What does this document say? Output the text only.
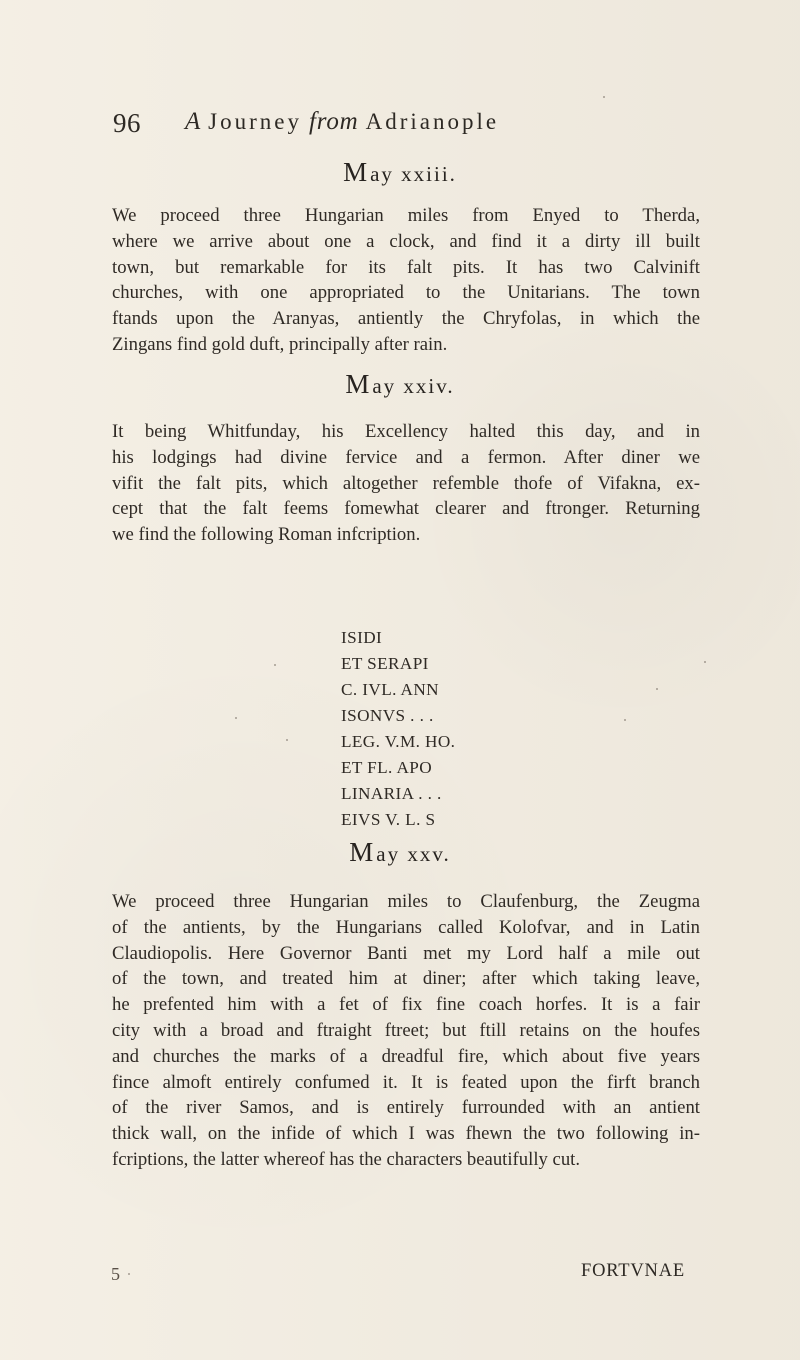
96 A Journey from Adrianople
May xxiii.
We proceed three Hungarian miles from Enyed to Therda,
where we arrive about one a clock, and find it a dirty ill built
town, but remarkable for its falt pits. It has two Calvinift
churches, with one appropriated to the Unitarians. The town
ftands upon the Aranyas, antiently the Chryfolas, in which the
Zingans find gold duft, principally after rain.
May xxiv.
It being Whitfunday, his Excellency halted this day, and in
his lodgings had divine fervice and a fermon. After diner we
vifit the falt pits, which altogether refemble thofe of Vifakna, ex-
cept that the falt feems fomewhat clearer and ftronger. Returning
we find the following Roman infcription.
ISIDI
ET SERAPI
C. IVL. ANN
ISONVS . . .
LEG. V.M. HO.
ET FL. APO
LINARIA . . .
EIVS V. L. S
May xxv.
We proceed three Hungarian miles to Claufenburg, the Zeugma
of the antients, by the Hungarians called Kolofvar, and in Latin
Claudiopolis. Here Governor Banti met my Lord half a mile out
of the town, and treated him at diner; after which taking leave,
he prefented him with a fet of fix fine coach horfes. It is a fair
city with a broad and ftraight ftreet; but ftill retains on the houfes
and churches the marks of a dreadful fire, which about five years
fince almoft entirely confumed it. It is feated upon the firft branch
of the river Samos, and is entirely furrounded with an antient
thick wall, on the infide of which I was fhewn the two following in-
fcriptions, the latter whereof has the characters beautifully cut.
5	FORTVNAE
